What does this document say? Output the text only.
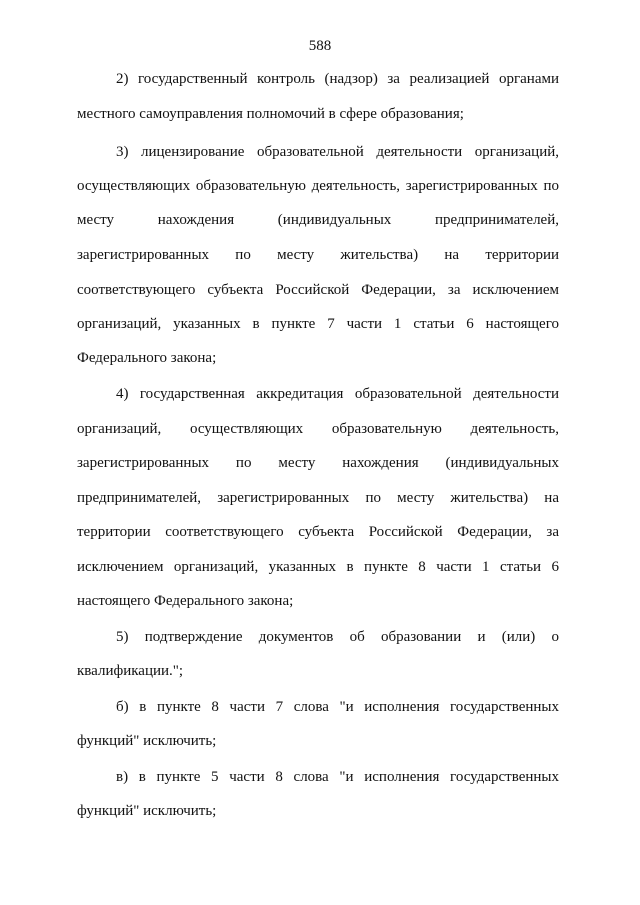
588
2) государственный контроль (надзор) за реализацией органами
местного самоуправления полномочий в сфере образования;
3) лицензирование образовательной деятельности организаций,
осуществляющих образовательную деятельность, зарегистрированных по
месту нахождения (индивидуальных предпринимателей,
зарегистрированных по месту жительства) на территории
соответствующего субъекта Российской Федерации, за исключением
организаций, указанных в пункте 7 части 1 статьи 6 настоящего
Федерального закона;
4) государственная аккредитация образовательной деятельности
организаций, осуществляющих образовательную деятельность,
зарегистрированных по месту нахождения (индивидуальных
предпринимателей, зарегистрированных по месту жительства) на
территории соответствующего субъекта Российской Федерации, за
исключением организаций, указанных в пункте 8 части 1 статьи 6
настоящего Федерального закона;
5) подтверждение документов об образовании и (или) о
квалификации.";
б) в пункте 8 части 7 слова "и исполнения государственных
функций" исключить;
в) в пункте 5 части 8 слова "и исполнения государственных
функций" исключить;
